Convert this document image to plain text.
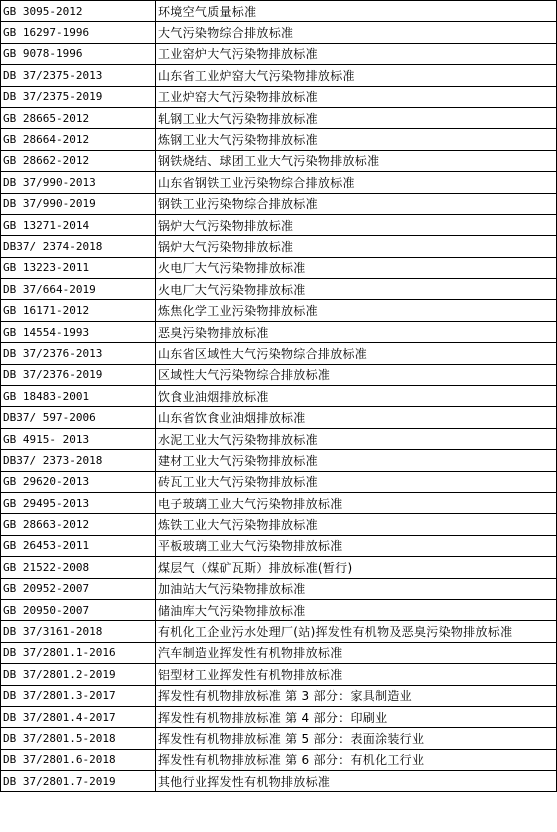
GB 3095-2012	环境空气质量标准
GB 16297-1996	大气污染物综合排放标准
GB 9078-1996	工业窑炉大气污染物排放标准
DB 37/2375-2013	山东省工业炉窑大气污染物排放标准
DB 37/2375-2019	工业炉窑大气污染物排放标准
GB 28665-2012	轧钢工业大气污染物排放标准
GB 28664-2012	炼钢工业大气污染物排放标准
GB 28662-2012	钢铁烧结、球团工业大气污染物排放标准
DB 37/990-2013	山东省钢铁工业污染物综合排放标准
DB 37/990-2019	钢铁工业污染物综合排放标准
GB 13271-2014	锅炉大气污染物排放标准
DB37/ 2374-2018	锅炉大气污染物排放标准
GB 13223-2011	火电厂大气污染物排放标准
DB 37/664-2019	火电厂大气污染物排放标准
GB 16171-2012	炼焦化学工业污染物排放标准
GB 14554-1993	恶臭污染物排放标准
DB 37/2376-2013	山东省区域性大气污染物综合排放标准
DB 37/2376-2019	区域性大气污染物综合排放标准
GB 18483-2001	饮食业油烟排放标准
DB37/ 597-2006	山东省饮食业油烟排放标准
GB 4915- 2013	水泥工业大气污染物排放标准
DB37/ 2373-2018	建材工业大气污染物排放标准
GB 29620-2013	砖瓦工业大气污染物排放标准
GB 29495-2013	电子玻璃工业大气污染物排放标准
GB 28663-2012	炼铁工业大气污染物排放标准
GB 26453-2011	平板玻璃工业大气污染物排放标准
GB 21522-2008	煤层气（煤矿瓦斯）排放标准(暂行)
GB 20952-2007	加油站大气污染物排放标准
GB 20950-2007	储油库大气污染物排放标准
DB 37/3161-2018	有机化工企业污水处理厂(站)挥发性有机物及恶臭污染物排放标准
DB 37/2801.1-2016	汽车制造业挥发性有机物排放标准
DB 37/2801.2-2019	铝型材工业挥发性有机物排放标准
DB 37/2801.3-2017	挥发性有机物排放标准 第 3 部分：家具制造业
DB 37/2801.4-2017	挥发性有机物排放标准 第 4 部分：印刷业
DB 37/2801.5-2018	挥发性有机物排放标准 第 5 部分：表面涂装行业
DB 37/2801.6-2018	挥发性有机物排放标准 第 6 部分：有机化工行业
DB 37/2801.7-2019	其他行业挥发性有机物排放标准
